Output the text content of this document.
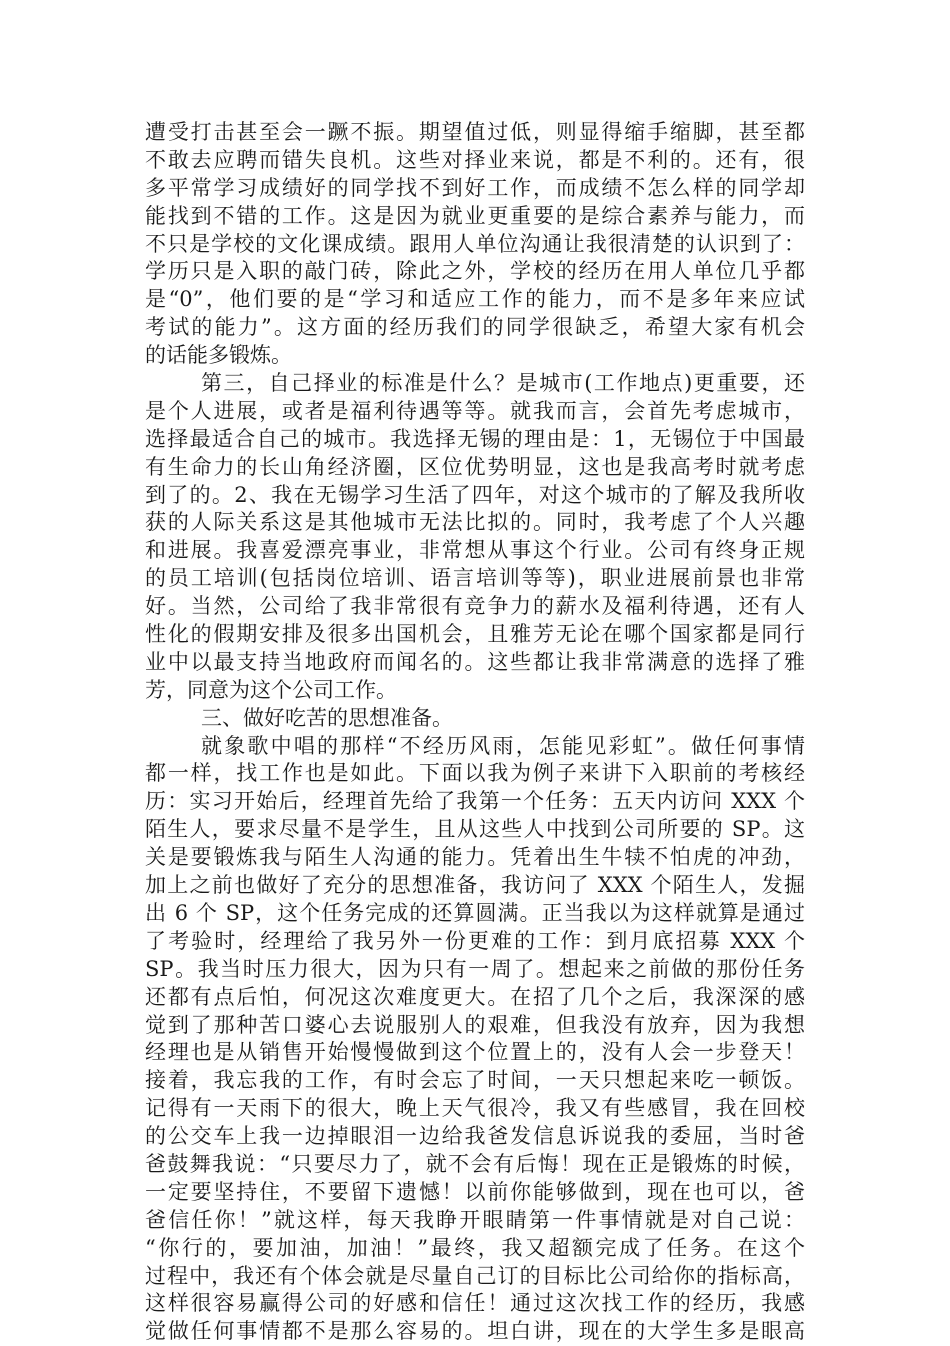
遭受打击甚至会一蹶不振。期望值过低，则显得缩手缩脚，甚至都
不敢去应聘而错失良机。这些对择业来说，都是不利的。还有，很
多平常学习成绩好的同学找不到好工作，而成绩不怎么样的同学却
能找到不错的工作。这是因为就业更重要的是综合素养与能力，而
不只是学校的文化课成绩。跟用人单位沟通让我很清楚的认识到了：
学历只是入职的敲门砖，除此之外，学校的经历在用人单位几乎都
是“0”，他们要的是“学习和适应工作的能力，而不是多年来应试
考试的能力”。这方面的经历我们的同学很缺乏，希望大家有机会
的话能多锻炼。
第三，自己择业的标准是什么？是城市(工作地点)更重要，还
是个人进展，或者是福利待遇等等。就我而言，会首先考虑城市，
选择最适合自己的城市。我选择无锡的理由是：1，无锡位于中国最
有生命力的长山角经济圈，区位优势明显，这也是我高考时就考虑
到了的。2、我在无锡学习生活了四年，对这个城市的了解及我所收
获的人际关系这是其他城市无法比拟的。同时，我考虑了个人兴趣
和进展。我喜爱漂亮事业，非常想从事这个行业。公司有终身正规
的员工培训(包括岗位培训、语言培训等等)，职业进展前景也非常
好。当然，公司给了我非常很有竞争力的薪水及福利待遇，还有人
性化的假期安排及很多出国机会，且雅芳无论在哪个国家都是同行
业中以最支持当地政府而闻名的。这些都让我非常满意的选择了雅
芳，同意为这个公司工作。
三、做好吃苦的思想准备。
就象歌中唱的那样“不经历风雨，怎能见彩虹”。做任何事情
都一样，找工作也是如此。下面以我为例子来讲下入职前的考核经
历：实习开始后，经理首先给了我第一个任务：五天内访问 XXX 个
陌生人，要求尽量不是学生，且从这些人中找到公司所要的 SP。这
关是要锻炼我与陌生人沟通的能力。凭着出生牛犊不怕虎的冲劲，
加上之前也做好了充分的思想准备，我访问了 XXX 个陌生人，发掘
出 6 个 SP，这个任务完成的还算圆满。正当我以为这样就算是通过
了考验时，经理给了我另外一份更难的工作：到月底招募 XXX 个
SP。我当时压力很大，因为只有一周了。想起来之前做的那份任务
还都有点后怕，何况这次难度更大。在招了几个之后，我深深的感
觉到了那种苦口婆心去说服别人的艰难，但我没有放弃，因为我想
经理也是从销售开始慢慢做到这个位置上的，没有人会一步登天！
接着，我忘我的工作，有时会忘了时间，一天只想起来吃一顿饭。
记得有一天雨下的很大，晚上天气很冷，我又有些感冒，我在回校
的公交车上我一边掉眼泪一边给我爸发信息诉说我的委屈，当时爸
爸鼓舞我说：“只要尽力了，就不会有后悔！现在正是锻炼的时候，
一定要坚持住，不要留下遗憾！以前你能够做到，现在也可以，爸
爸信任你！”就这样，每天我睁开眼睛第一件事情就是对自己说：
“你行的，要加油，加油！”最终，我又超额完成了任务。在这个
过程中，我还有个体会就是尽量自己订的目标比公司给你的指标高，
这样很容易赢得公司的好感和信任！通过这次找工作的经历，我感
觉做任何事情都不是那么容易的。坦白讲，现在的大学生多是眼高
